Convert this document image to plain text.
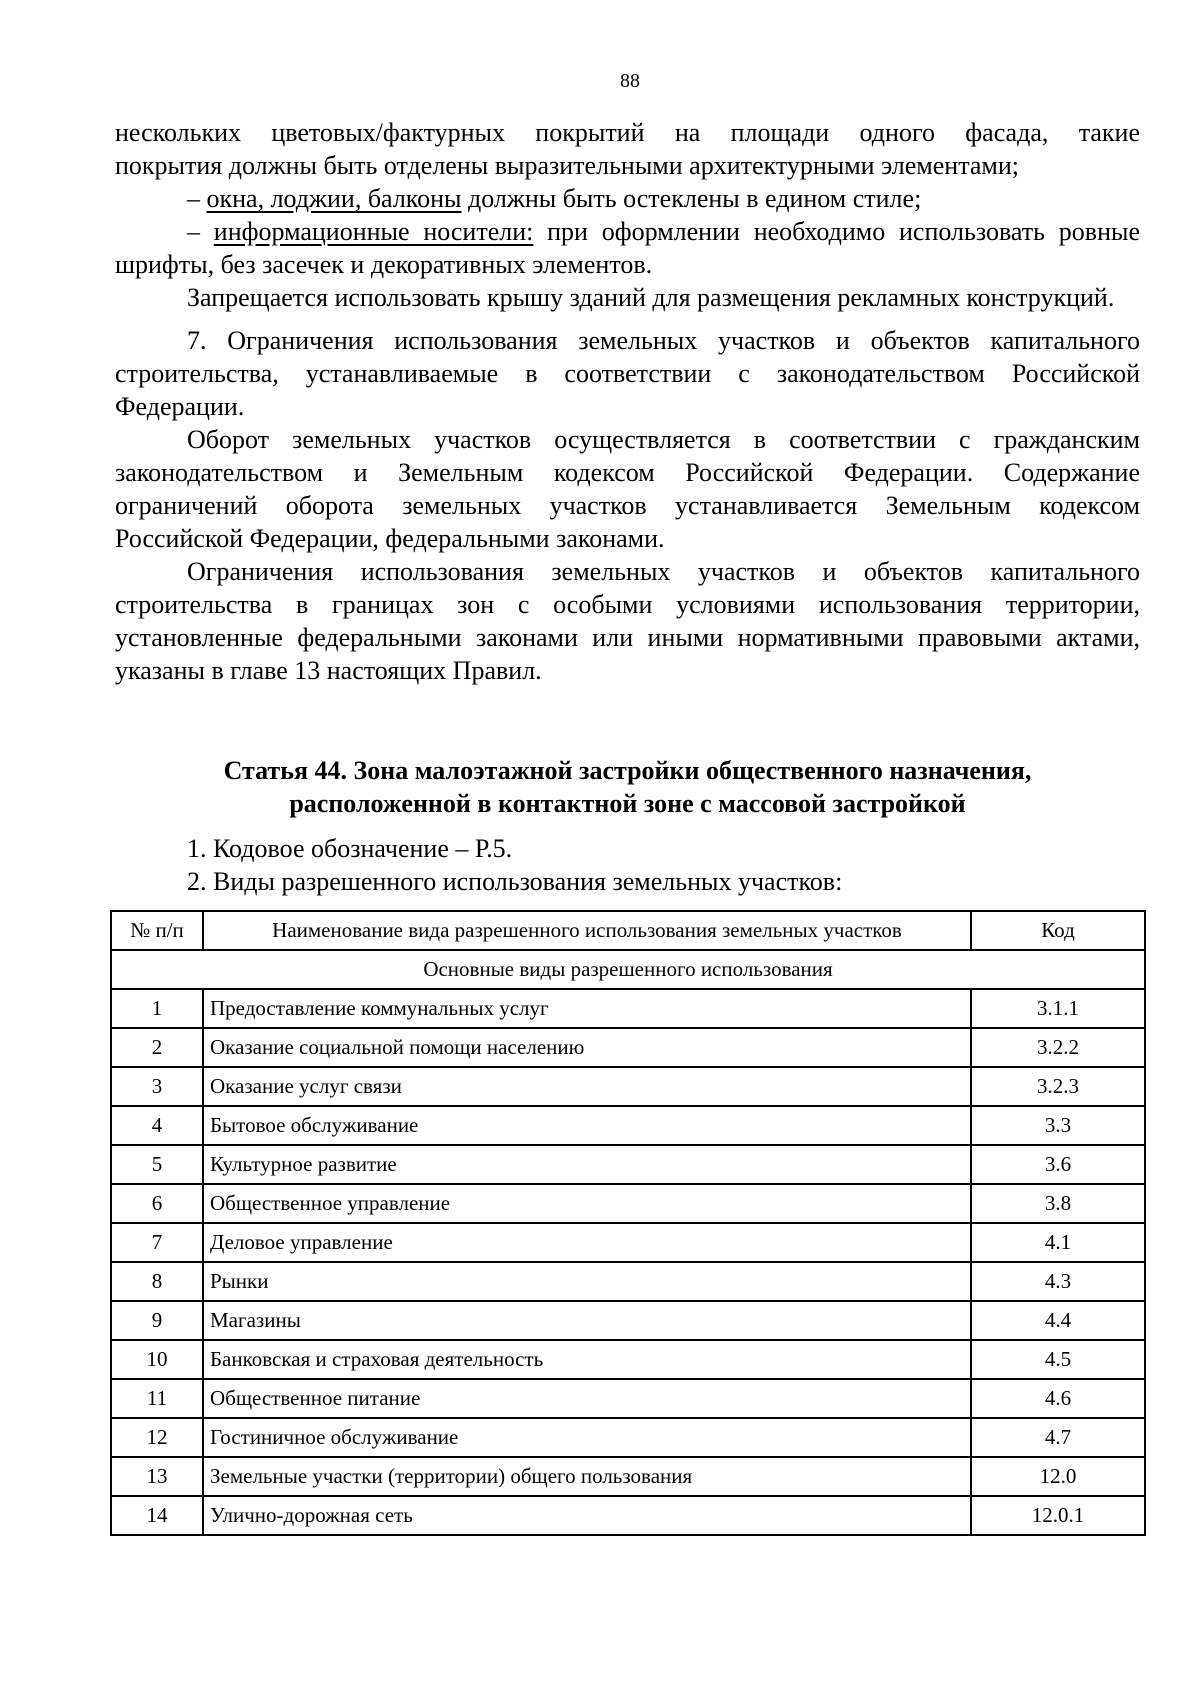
88

нескольких цветовых/фактурных покрытий на площади одного фасада, такие

покрытия должны быть отделены выразительными архитектурными элементами;

– окна, лоджии, балконы должны быть остеклены в едином стиле;

– информационные носители: при оформлении необходимо использовать ровные шрифты, без засечек и декоративных элементов.

Запрещается использовать крышу зданий для размещения рекламных конструкций.

7. Ограничения использования земельных участков и объектов капитального строительства, устанавливаемые в соответствии с законодательством Российской Федерации.

Оборот земельных участков осуществляется в соответствии с гражданским законодательством и Земельным кодексом Российской Федерации. Содержание ограничений оборота земельных участков устанавливается Земельным кодексом Российской Федерации, федеральными законами.

Ограничения использования земельных участков и объектов капитального строительства в границах зон с особыми условиями использования территории, установленные федеральными законами или иными нормативными правовыми актами, указаны в главе 13 настоящих Правил.

Статья 44. Зона малоэтажной застройки общественного назначения,
расположенной в контактной зоне с массовой застройкой
1. Кодовое обозначение – Р.5.
2. Виды разрешенного использования земельных участков:
№ п/п	Наименование вида разрешенного использования земельных участков	Код
Основные виды разрешенного использования		
1	Предоставление коммунальных услуг	3.1.1
2	Оказание социальной помощи населению	3.2.2
3	Оказание услуг связи	3.2.3
4	Бытовое обслуживание	3.3
5	Культурное развитие	3.6
6	Общественное управление	3.8
7	Деловое управление	4.1
8	Рынки	4.3
9	Магазины	4.4
10	Банковская и страховая деятельность	4.5
11	Общественное питание	4.6
12	Гостиничное обслуживание	4.7
13	Земельные участки (территории) общего пользования	12.0
14	Улично-дорожная сеть	12.0.1
